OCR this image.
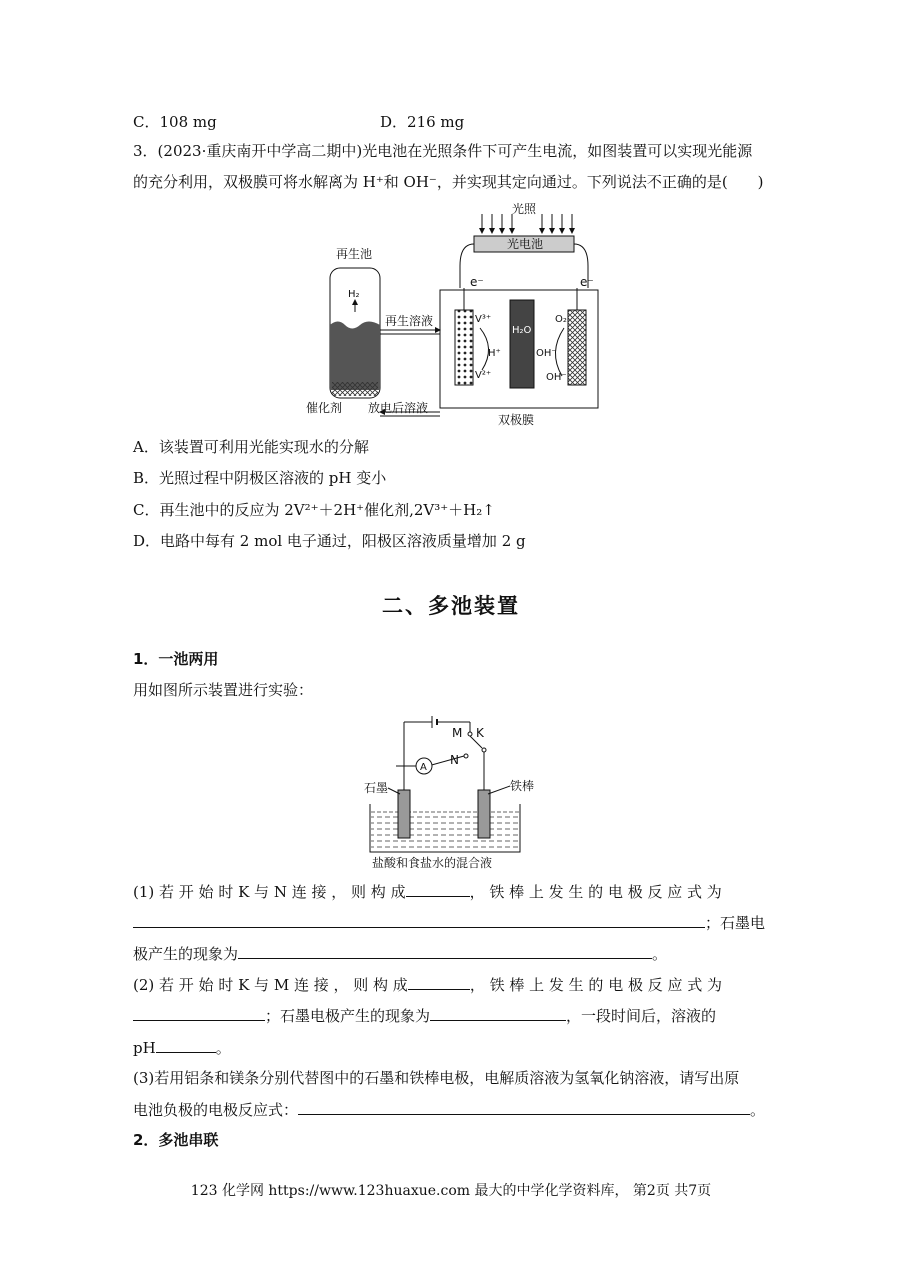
C．108 mg	D．216 mg
3．(2023·重庆南开中学高二期中)光电池在光照条件下可产生电流，如图装置可以实现光能源
的充分利用，双极膜可将水解离为 H⁺和 OH⁻，并实现其定向通过。下列说法不正确的是(　　)
光照
光电池
e⁻	e⁻
再生池
H₂
V³⁺
V²⁺
H₂O
H⁺	OH⁻
OH⁻
O₂
再生溶液
催化剂 放电后溶液
双极膜
A．该装置可利用光能实现水的分解
B．光照过程中阴极区溶液的 pH 变小
C．再生池中的反应为 2V²⁺＋2H⁺催化剂,2V³⁺＋H₂↑
D．电路中每有 2 mol 电子通过，阳极区溶液质量增加 2 g
二、多池装置
1．一池两用
用如图所示装置进行实验：
M K
N
A
石墨	铁棒
盐酸和食盐水的混合液
(1) 若 开 始 时 K 与 N 连 接 ， 则 构 成	， 铁 棒 上 发 生 的 电 极 反 应 式 为
；石墨电
极产生的现象为	。
(2) 若 开 始 时 K 与 M 连 接 ， 则 构 成	， 铁 棒 上 发 生 的 电 极 反 应 式 为
；石墨电极产生的现象为	，一段时间后，溶液的
pH	。
(3)若用铝条和镁条分别代替图中的石墨和铁棒电极，电解质溶液为氢氧化钠溶液，请写出原
电池负极的电极反应式：	。
2．多池串联
123 化学网 https://www.123huaxue.com 最大的中学化学资料库， 第2页 共7页
